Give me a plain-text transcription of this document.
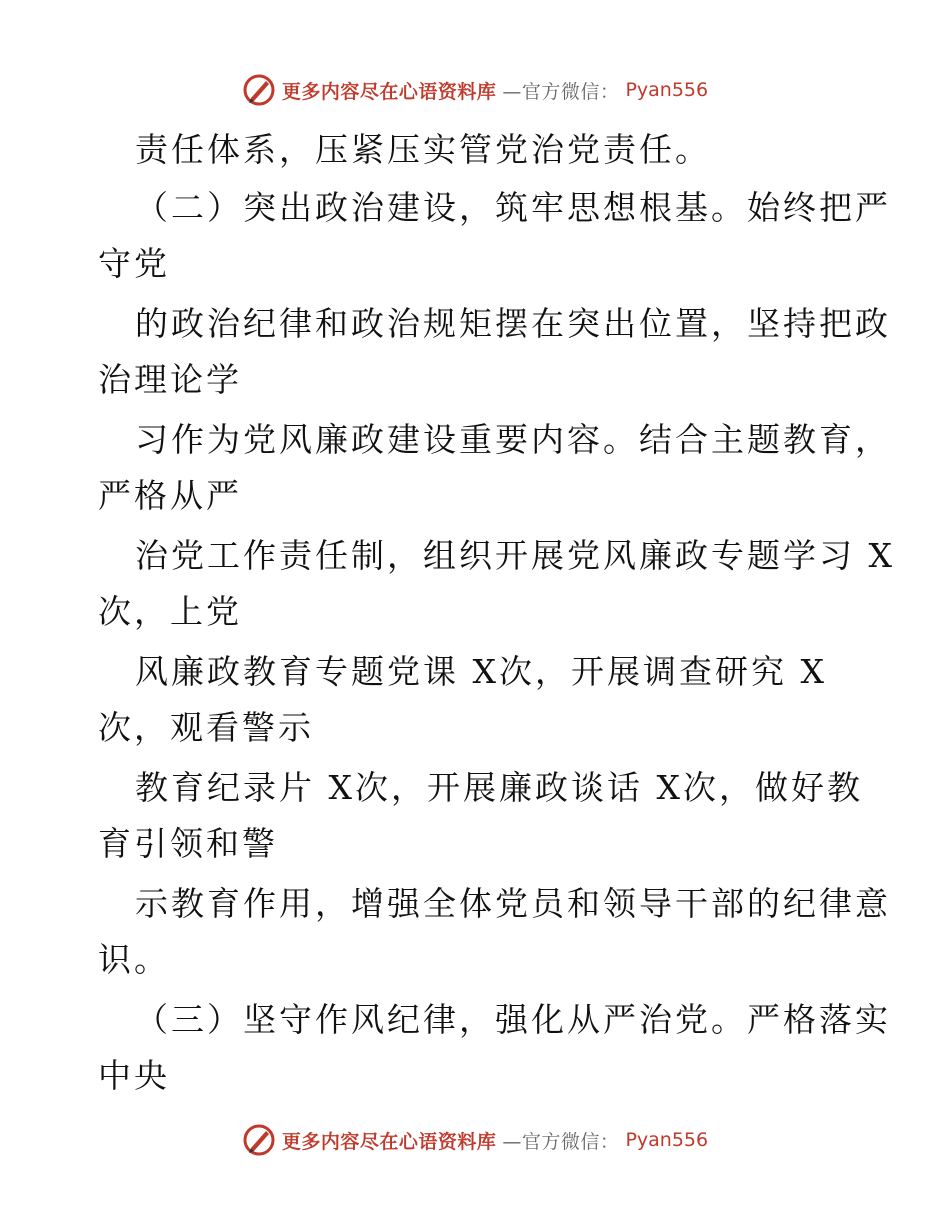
更多内容尽在心语资料库 —官方微信： Pyan556
责任体系，压紧压实管党治党责任。
（二）突出政治建设，筑牢思想根基。始终把严
守党
的政治纪律和政治规矩摆在突出位置，坚持把政
治理论学
习作为党风廉政建设重要内容。结合主题教育，
严格从严
治党工作责任制，组织开展党风廉政专题学习 X
次，上党
风廉政教育专题党课 X次，开展调查研究 X
次，观看警示
教育纪录片 X次，开展廉政谈话 X次，做好教
育引领和警
示教育作用，增强全体党员和领导干部的纪律意
识。
（三）坚守作风纪律，强化从严治党。严格落实
中央
更多内容尽在心语资料库 —官方微信： Pyan556
